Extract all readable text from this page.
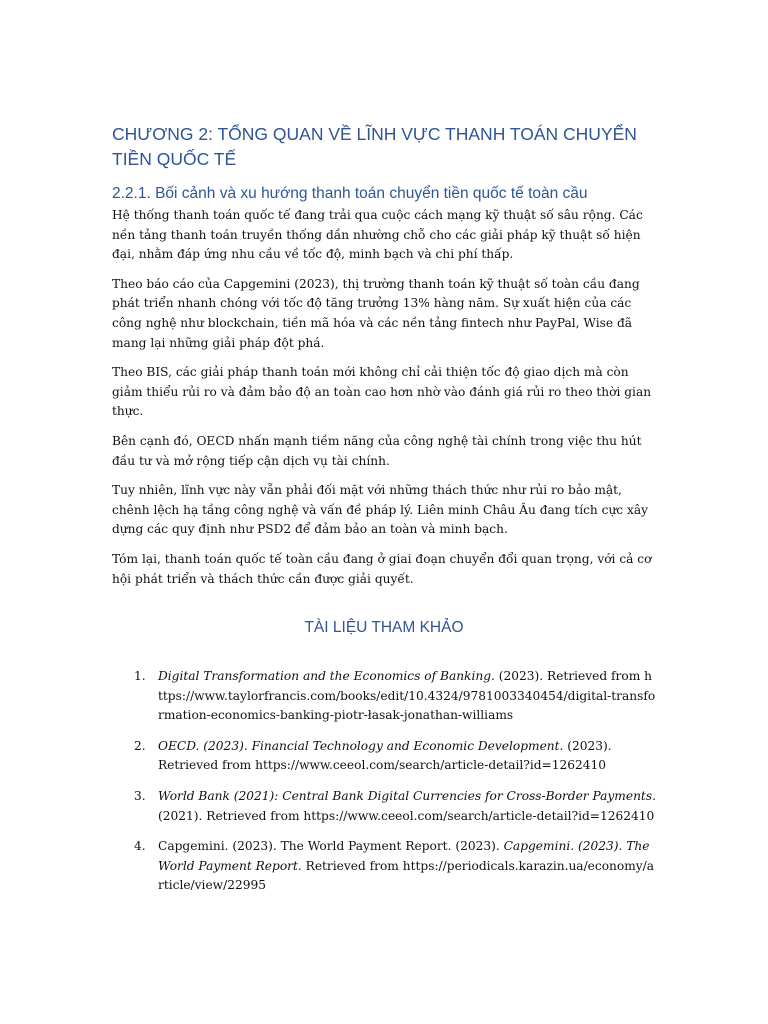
CHƯƠNG 2: TỔNG QUAN VỀ LĨNH VỰC THANH TOÁN CHUYỂN TIỀN QUỐC TẾ
2.2.1. Bối cảnh và xu hướng thanh toán chuyển tiền quốc tế toàn cầu

Hệ thống thanh toán quốc tế đang trải qua cuộc cách mạng kỹ thuật số sâu rộng. Các nền tảng thanh toán truyền thống dần nhường chỗ cho các giải pháp kỹ thuật số hiện đại, nhằm đáp ứng nhu cầu về tốc độ, minh bạch và chi phí thấp.

Theo báo cáo của Capgemini (2023), thị trường thanh toán kỹ thuật số toàn cầu đang phát triển nhanh chóng với tốc độ tăng trưởng 13% hàng năm. Sự xuất hiện của các công nghệ như blockchain, tiền mã hóa và các nền tảng fintech như PayPal, Wise đã mang lại những giải pháp đột phá.

Theo BIS, các giải pháp thanh toán mới không chỉ cải thiện tốc độ giao dịch mà còn giảm thiểu rủi ro và đảm bảo độ an toàn cao hơn nhờ vào đánh giá rủi ro theo thời gian thực.

Bên cạnh đó, OECD nhấn mạnh tiềm năng của công nghệ tài chính trong việc thu hút đầu tư và mở rộng tiếp cận dịch vụ tài chính.

Tuy nhiên, lĩnh vực này vẫn phải đối mặt với những thách thức như rủi ro bảo mật, chênh lệch hạ tầng công nghệ và vấn đề pháp lý. Liên minh Châu Âu đang tích cực xây dựng các quy định như PSD2 để đảm bảo an toàn và minh bạch.

Tóm lại, thanh toán quốc tế toàn cầu đang ở giai đoạn chuyển đổi quan trọng, với cả cơ hội phát triển và thách thức cần được giải quyết.

TÀI LIỆU THAM KHẢO
1. Digital Transformation and the Economics of Banking. (2023). Retrieved from https://www.taylorfrancis.com/books/edit/10.4324/9781003340454/digital-transformation-economics-banking-piotr-łasak-jonathan-williams
2. OECD. (2023). Financial Technology and Economic Development. (2023). Retrieved from https://www.ceeol.com/search/article-detail?id=1262410
3. World Bank (2021): Central Bank Digital Currencies for Cross-Border Payments. (2021). Retrieved from https://www.ceeol.com/search/article-detail?id=1262410
4. Capgemini. (2023). The World Payment Report. (2023). Capgemini. (2023). The World Payment Report. Retrieved from https://periodicals.karazin.ua/economy/article/view/22995
